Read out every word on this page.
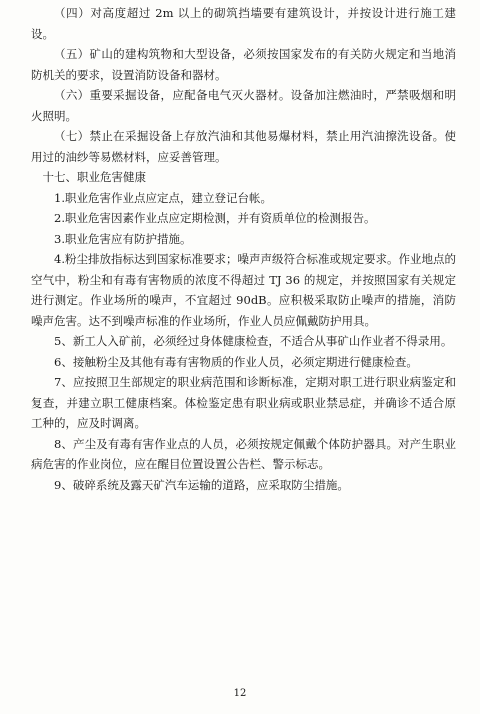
（四）对高度超过 2m 以上的砌筑挡墙要有建筑设计，并按设计进行施工建设。

（五）矿山的建构筑物和大型设备，必须按国家发布的有关防火规定和当地消防机关的要求，设置消防设备和器材。

（六）重要采掘设备，应配备电气灭火器材。设备加注燃油时，严禁吸烟和明火照明。

（七）禁止在采掘设备上存放汽油和其他易爆材料，禁止用汽油擦洗设备。使用过的油纱等易燃材料，应妥善管理。

十七、职业危害健康

1.职业危害作业点应定点，建立登记台帐。

2.职业危害因素作业点应定期检测，并有资质单位的检测报告。

3.职业危害应有防护措施。

4.粉尘排放指标达到国家标准要求；噪声声级符合标准或规定要求。作业地点的空气中，粉尘和有毒有害物质的浓度不得超过 TJ 36 的规定，并按照国家有关规定进行测定。作业场所的噪声，不宜超过 90dB。应积极采取防止噪声的措施，消防噪声危害。达不到噪声标准的作业场所，作业人员应佩戴防护用具。

5、新工人入矿前，必须经过身体健康检查，不适合从事矿山作业者不得录用。

6、接触粉尘及其他有毒有害物质的作业人员，必须定期进行健康检查。

7、应按照卫生部规定的职业病范围和诊断标准，定期对职工进行职业病鉴定和复查，并建立职工健康档案。体检鉴定患有职业病或职业禁忌症，并确诊不适合原工种的，应及时调离。

8、产尘及有毒有害作业点的人员，必须按规定佩戴个体防护器具。对产生职业病危害的作业岗位，应在醒目位置设置公告栏、警示标志。

9、破碎系统及露天矿汽车运输的道路，应采取防尘措施。

12
